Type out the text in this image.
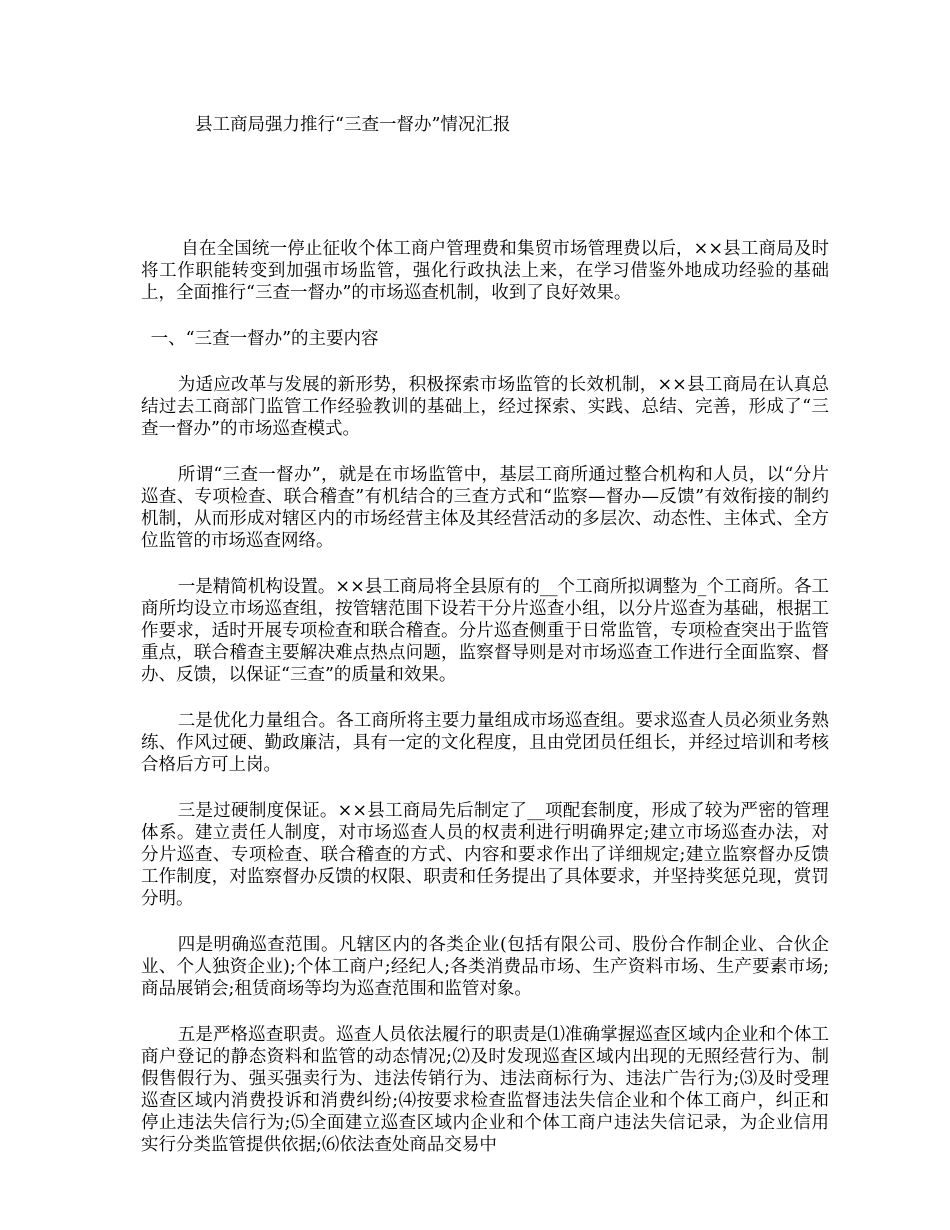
县工商局强力推行“三查一督办”情况汇报

自在全国统一停止征收个体工商户管理费和集贸市场管理费以后，××县工商局及时将工作职能转变到加强市场监管，强化行政执法上来，在学习借鉴外地成功经验的基础上，全面推行“三查一督办”的市场巡查机制，收到了良好效果。

一、“三查一督办”的主要内容

为适应改革与发展的新形势，积极探索市场监管的长效机制，××县工商局在认真总结过去工商部门监管工作经验教训的基础上，经过探索、实践、总结、完善，形成了“三查一督办”的市场巡查模式。

所谓“三查一督办”，就是在市场监管中，基层工商所通过整合机构和人员，以“分片巡查、专项检查、联合稽查”有机结合的三查方式和“监察—督办—反馈”有效衔接的制约机制，从而形成对辖区内的市场经营主体及其经营活动的多层次、动态性、主体式、全方位监管的市场巡查网络。

一是精简机构设置。××县工商局将全县原有的__个工商所拟调整为_个工商所。各工商所均设立市场巡查组，按管辖范围下设若干分片巡查小组，以分片巡查为基础，根据工作要求，适时开展专项检查和联合稽查。分片巡查侧重于日常监管，专项检查突出于监管重点，联合稽查主要解决难点热点问题，监察督导则是对市场巡查工作进行全面监察、督办、反馈，以保证“三查”的质量和效果。

二是优化力量组合。各工商所将主要力量组成市场巡查组。要求巡查人员必须业务熟练、作风过硬、勤政廉洁，具有一定的文化程度，且由党团员任组长，并经过培训和考核合格后方可上岗。

三是过硬制度保证。××县工商局先后制定了__项配套制度，形成了较为严密的管理体系。建立责任人制度，对市场巡查人员的权责利进行明确界定;建立市场巡查办法，对分片巡查、专项检查、联合稽查的方式、内容和要求作出了详细规定;建立监察督办反馈工作制度，对监察督办反馈的权限、职责和任务提出了具体要求，并坚持奖惩兑现，赏罚分明。

四是明确巡查范围。凡辖区内的各类企业(包括有限公司、股份合作制企业、合伙企业、个人独资企业);个体工商户;经纪人;各类消费品市场、生产资料市场、生产要素市场;商品展销会;租赁商场等均为巡查范围和监管对象。

五是严格巡查职责。巡查人员依法履行的职责是⑴准确掌握巡查区域内企业和个体工商户登记的静态资料和监管的动态情况;⑵及时发现巡查区域内出现的无照经营行为、制假售假行为、强买强卖行为、违法传销行为、违法商标行为、违法广告行为;⑶及时受理巡查区域内消费投诉和消费纠纷;⑷按要求检查监督违法失信企业和个体工商户，纠正和停止违法失信行为;⑸全面建立巡查区域内企业和个体工商户违法失信记录，为企业信用实行分类监管提供依据;⑹依法查处商品交易中
